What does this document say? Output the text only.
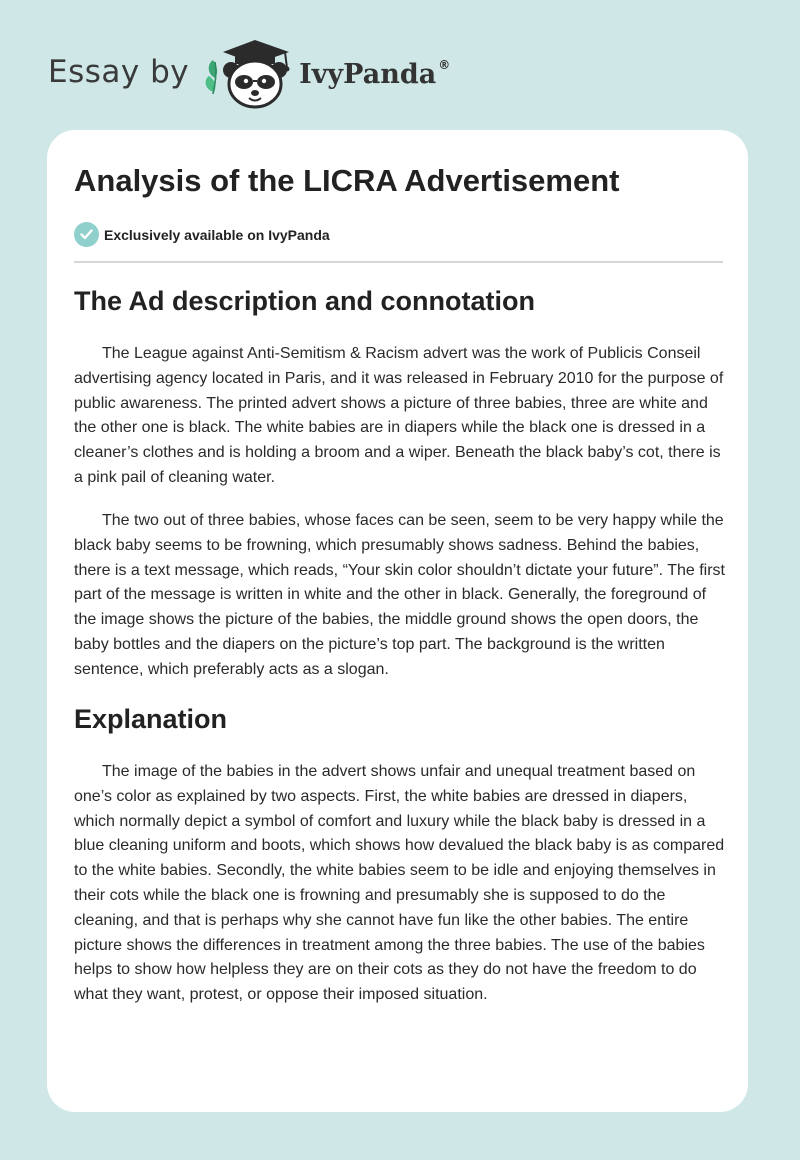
Essay by	IvyPanda ®
Analysis of the LICRA Advertisement
Exclusively available on IvyPanda
The Ad description and connotation

The League against Anti-Semitism & Racism advert was the work of Publicis Conseil advertising agency located in Paris, and it was released in February 2010 for the purpose of public awareness. The printed advert shows a picture of three babies, three are white and the other one is black. The white babies are in diapers while the black one is dressed in a cleaner’s clothes and is holding a broom and a wiper. Beneath the black baby’s cot, there is a pink pail of cleaning water.

The two out of three babies, whose faces can be seen, seem to be very happy while the black baby seems to be frowning, which presumably shows sadness. Behind the babies, there is a text message, which reads, “Your skin color shouldn’t dictate your future”. The first part of the message is written in white and the other in black. Generally, the foreground of the image shows the picture of the babies, the middle ground shows the open doors, the baby bottles and the diapers on the picture’s top part. The background is the written sentence, which preferably acts as a slogan.

Explanation

The image of the babies in the advert shows unfair and unequal treatment based on one’s color as explained by two aspects. First, the white babies are dressed in diapers, which normally depict a symbol of comfort and luxury while the black baby is dressed in a blue cleaning uniform and boots, which shows how devalued the black baby is as compared to the white babies. Secondly, the white babies seem to be idle and enjoying themselves in their cots while the black one is frowning and presumably she is supposed to do the cleaning, and that is perhaps why she cannot have fun like the other babies. The entire picture shows the differences in treatment among the three babies. The use of the babies helps to show how helpless they are on their cots as they do not have the freedom to do what they want, protest, or oppose their imposed situation.
